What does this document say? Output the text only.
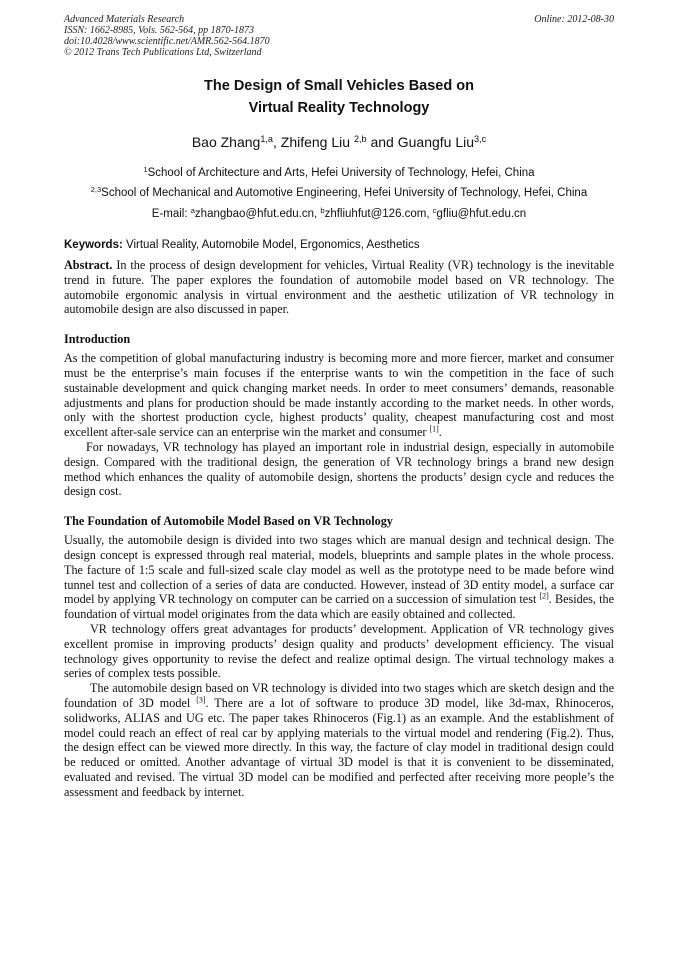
Advanced Materials Research
ISSN: 1662-8985, Vols. 562-564, pp 1870-1873
doi:10.4028/www.scientific.net/AMR.562-564.1870
© 2012 Trans Tech Publications Ltd, Switzerland
Online: 2012-08-30
The Design of Small Vehicles Based on
Virtual Reality Technology
Bao Zhang$^{1,a}$, Zhifeng Liu $^{2,b}$ and Guangfu Liu$^{3,c}$
$^1$School of Architecture and Arts, Hefei University of Technology, Hefei, China
$^{2,3}$School of Mechanical and Automotive Engineering, Hefei University of Technology, Hefei, China
E-mail: $^a$zhangbao@hfut.edu.cn, $^b$zhfliuhfut@126.com, $^c$gfliu@hfut.edu.cn
Keywords: Virtual Reality, Automobile Model, Ergonomics, Aesthetics

Abstract. In the process of design development for vehicles, Virtual Reality (VR) technology is the inevitable trend in future. The paper explores the foundation of automobile model based on VR technology. The automobile ergonomic analysis in virtual environment and the aesthetic utilization of VR technology in automobile design are also discussed in paper.

Introduction

As the competition of global manufacturing industry is becoming more and more fiercer, market and consumer must be the enterprise’s main focuses if the enterprise wants to win the competition in the face of such sustainable development and quick changing market needs. In order to meet consumers’ demands, reasonable adjustments and plans for production should be made instantly according to the market needs. In other words, only with the shortest production cycle, highest products’ quality, cheapest manufacturing cost and most excellent after-sale service can an enterprise win the market and consumer [1].

For nowadays, VR technology has played an important role in industrial design, especially in automobile design. Compared with the traditional design, the generation of VR technology brings a brand new design method which enhances the quality of automobile design, shortens the products’ design cycle and reduces the design cost.

The Foundation of Automobile Model Based on VR Technology

Usually, the automobile design is divided into two stages which are manual design and technical design. The design concept is expressed through real material, models, blueprints and sample plates in the whole process. The facture of 1:5 scale and full-sized scale clay model as well as the prototype need to be made before wind tunnel test and collection of a series of data are conducted. However, instead of 3D entity model, a surface car model by applying VR technology on computer can be carried on a succession of simulation test [2]. Besides, the foundation of virtual model originates from the data which are easily obtained and collected.

VR technology offers great advantages for products’ development. Application of VR technology gives excellent promise in improving products’ design quality and products’ development efficiency. The visual technology gives opportunity to revise the defect and realize optimal design. The virtual technology makes a series of complex tests possible.

The automobile design based on VR technology is divided into two stages which are sketch design and the foundation of 3D model [3]. There are a lot of software to produce 3D model, like 3d-max, Rhinoceros, solidworks, ALIAS and UG etc. The paper takes Rhinoceros (Fig.1) as an example. And the establishment of model could reach an effect of real car by applying materials to the virtual model and rendering (Fig.2). Thus, the design effect can be viewed more directly. In this way, the facture of clay model in traditional design could be reduced or omitted. Another advantage of virtual 3D model is that it is convenient to be disseminated, evaluated and revised. The virtual 3D model can be modified and perfected after receiving more people’s the assessment and feedback by internet.
